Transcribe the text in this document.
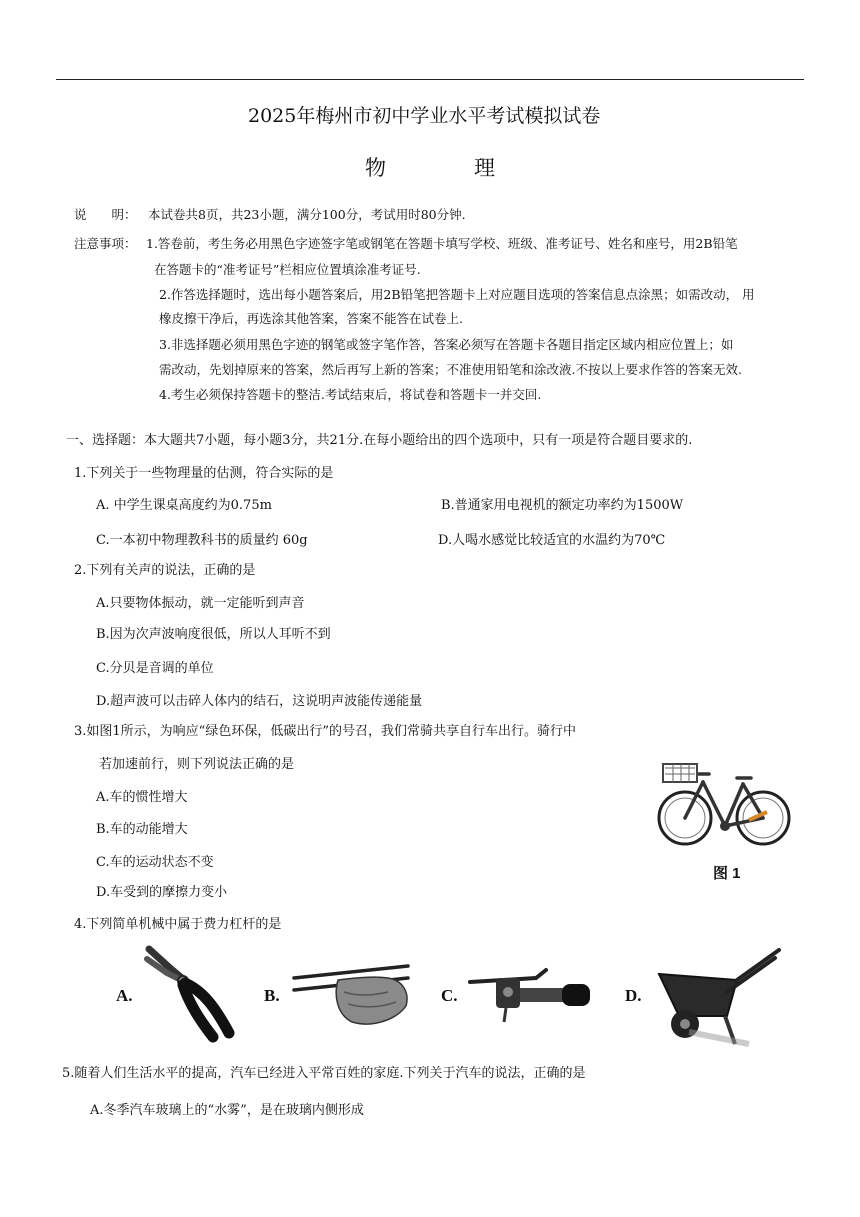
2025年梅州市初中学业水平考试模拟试卷
物	理
说　　明： 本试卷共8页，共23小题，满分100分，考试用时80分钟.
注意事项： 1.答卷前，考生务必用黑色字迹签字笔或钢笔在答题卡填写学校、班级、准考证号、姓名和座号，用2B铅笔
在答题卡的“准考证号”栏相应位置填涂准考证号.
2.作答选择题时，选出每小题答案后，用2B铅笔把答题卡上对应题目选项的答案信息点涂黑；如需改动， 用
橡皮擦干净后，再选涂其他答案，答案不能答在试卷上.
3.非选择题必须用黑色字迹的钢笔或签字笔作答，答案必须写在答题卡各题目指定区域内相应位置上；如
需改动，先划掉原来的答案，然后再写上新的答案；不准使用铅笔和涂改液.不按以上要求作答的答案无效.
4.考生必须保持答题卡的整洁.考试结束后，将试卷和答题卡一并交回.
一、选择题：本大题共7小题，每小题3分，共21分.在每小题给出的四个选项中，只有一项是符合题目要求的.
1.下列关于一些物理量的估测，符合实际的是
A. 中学生课桌高度约为0.75m	B.普通家用电视机的额定功率约为1500W
C.一本初中物理教科书的质量约 60g	D.人喝水感觉比较适宜的水温约为70℃
2.下列有关声的说法，正确的是
A.只要物体振动，就一定能听到声音
B.因为次声波响度很低，所以人耳听不到
C.分贝是音调的单位
D.超声波可以击碎人体内的结石，这说明声波能传递能量
3.如图1所示，为响应“绿色环保，低碳出行”的号召，我们常骑共享自行车出行。骑行中
若加速前行，则下列说法正确的是
A.车的惯性增大
B.车的动能增大
C.车的运动状态不变
D.车受到的摩擦力变小
图 1
4.下列简单机械中属于费力杠杆的是
A.	B.	C.	D.
5.随着人们生活水平的提高，汽车已经进入平常百姓的家庭.下列关于汽车的说法，正确的是
A.冬季汽车玻璃上的“水雾”，是在玻璃内侧形成
